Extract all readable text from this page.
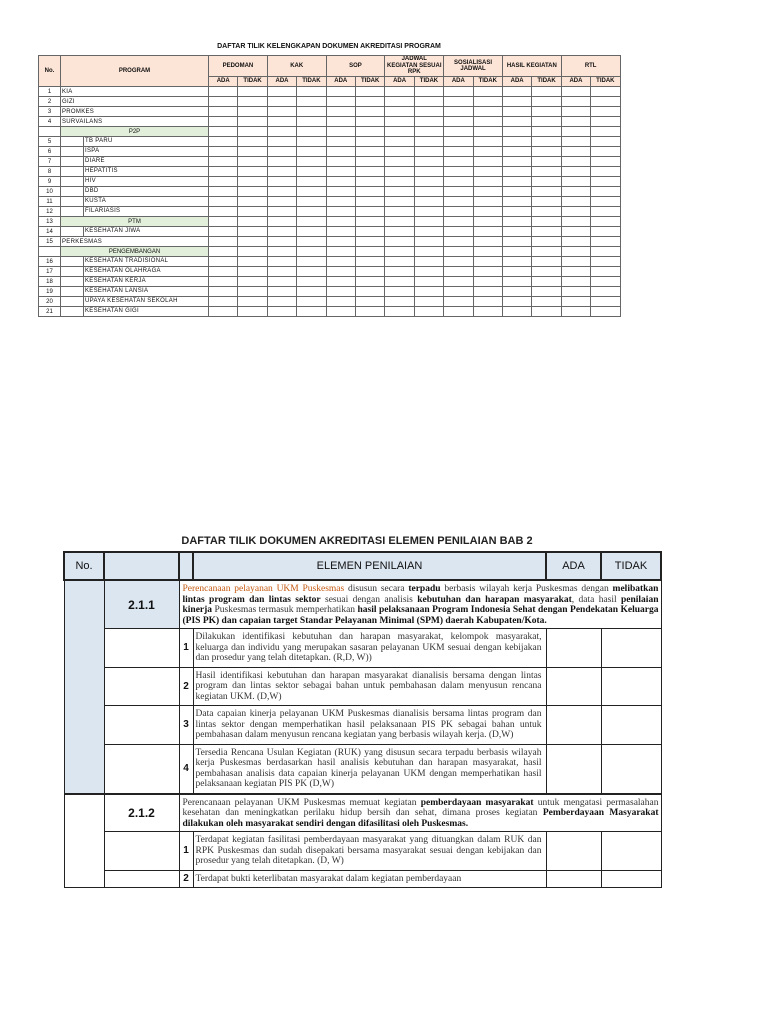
DAFTAR TILIK KELENGKAPAN DOKUMEN AKREDITASI PROGRAM
No.	PROGRAM	PEDOMAN		KAK		SOP		JADWAL KEGIATAN SESUAI RPK		SOSIALISASI JADWAL		HASIL KEGIATAN		RTL	
		ADA	TIDAK	ADA	TIDAK	ADA	TIDAK	ADA	TIDAK	ADA	TIDAK	ADA	TIDAK	ADA	TIDAK
1	KIA														
2	GIZI														
3	PROMKES														
4	SURVAILANS														
	P2P														
5	TB PARU														

6	ISPA														

7	DIARE														

8	HEPATITIS														

9	HIV														

10	DBD														

11	KUSTA														

12	FILARIASIS														

13	PTM														
14	KESEHATAN JIWA														

15	PERKESMAS														
	PENGEMBANGAN														
16	KESEHATAN TRADISIONAL														

17	KESEHATAN OLAHRAGA														

18	KESEHATAN KERJA														

19	KESEHATAN LANSIA														

20	UPAYA KESEHATAN SEKOLAH														

21	KESEHATAN GIGI														

DAFTAR TILIK DOKUMEN AKREDITASI ELEMEN PENILAIAN BAB 2
No.			ELEMEN PENILAIAN	ADA	TIDAK
	2.1.1	Perencanaan pelayanan UKM Puskesmas disusun secara terpadu berbasis wilayah kerja Puskesmas dengan melibatkan lintas program dan lintas sektor sesuai dengan analisis kebutuhan dan harapan masyarakat, data hasil penilaian kinerja Puskesmas termasuk memperhatikan hasil pelaksanaan Program Indonesia Sehat dengan Pendekatan Keluarga (PIS PK) dan capaian target Standar Pelayanan Minimal (SPM) daerah Kabupaten/Kota.			
		1	Dilakukan identifikasi kebutuhan dan harapan masyarakat, kelompok masyarakat, keluarga dan individu yang merupakan sasaran pelayanan UKM sesuai dengan kebijakan dan prosedur yang telah ditetapkan. (R,D, W))		
		2	Hasil identifikasi kebutuhan dan harapan masyarakat dianalisis bersama dengan lintas program dan lintas sektor sebagai bahan untuk pembahasan dalam menyusun rencana kegiatan UKM. (D,W)		
		3	Data capaian kinerja pelayanan UKM Puskesmas dianalisis bersama lintas program dan lintas sektor dengan memperhatikan hasil pelaksanaan PIS PK sebagai bahan untuk pembahasan dalam menyusun rencana kegiatan yang berbasis wilayah kerja. (D,W)		
		4	Tersedia Rencana Usulan Kegiatan (RUK) yang disusun secara terpadu berbasis wilayah kerja Puskesmas berdasarkan hasil analisis kebutuhan dan harapan masyarakat, hasil pembahasan analisis data capaian kinerja pelayanan UKM dengan memperhatikan hasil pelaksanaan kegiatan PIS PK (D,W)		
	2.1.2	Perencanaan pelayanan UKM Puskesmas memuat kegiatan pemberdayaan masyarakat untuk mengatasi permasalahan kesehatan dan meningkatkan perilaku hidup bersih dan sehat, dimana proses kegiatan Pemberdayaan Masyarakat dilakukan oleh masyarakat sendiri dengan difasilitasi oleh Puskesmas.			
		1	Terdapat kegiatan fasilitasi pemberdayaan masyarakat yang dituangkan dalam RUK dan RPK Puskesmas dan sudah disepakati bersama masyarakat sesuai dengan kebijakan dan prosedur yang telah ditetapkan. (D, W)		
		2	Terdapat bukti keterlibatan masyarakat dalam kegiatan pemberdayaan		
